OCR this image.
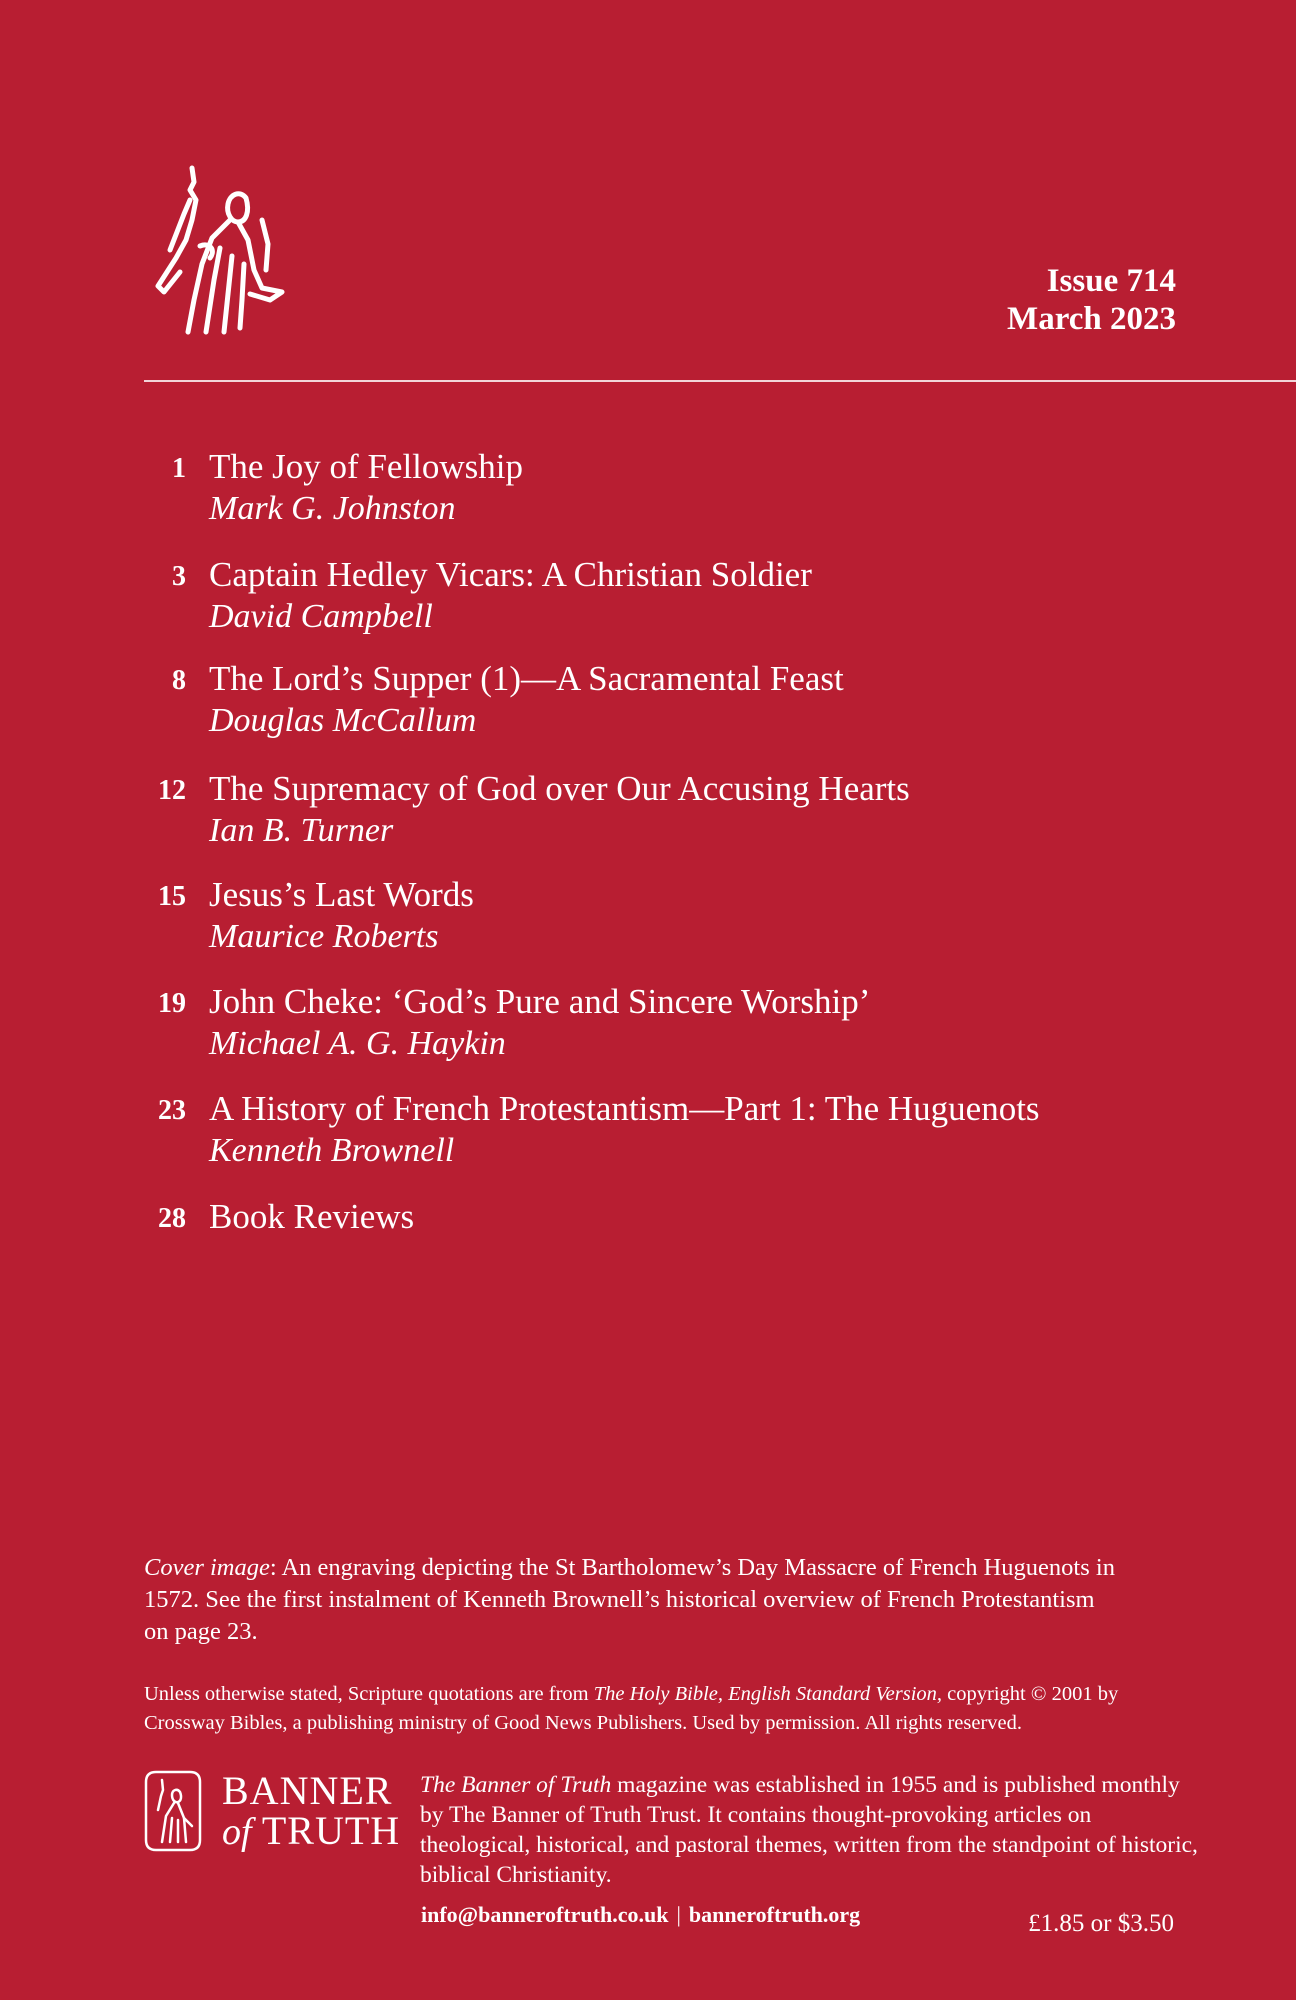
Issue 714
March 2023
1 The Joy of Fellowship
Mark G. Johnston
3 Captain Hedley Vicars: A Christian Soldier
David Campbell
8 The Lord’s Supper (1)—A Sacramental Feast
Douglas McCallum
12 The Supremacy of God over Our Accusing Hearts
Ian B. Turner
15 Jesus’s Last Words
Maurice Roberts
19 John Cheke: ‘God’s Pure and Sincere Worship’
Michael A. G. Haykin
23 A History of French Protestantism—Part 1: The Huguenots
Kenneth Brownell
28 Book Reviews
Cover image: An engraving depicting the St Bartholomew’s Day Massacre of French Huguenots in 1572. See the first instalment of Kenneth Brownell’s historical overview of French Protestantism on page 23.
Unless otherwise stated, Scripture quotations are from The Holy Bible, English Standard Version, copyright © 2001 by Crossway Bibles, a publishing ministry of Good News Publishers. Used by permission. All rights reserved.
BANNER
of TRUTH
The Banner of Truth magazine was established in 1955 and is published monthly by The Banner of Truth Trust. It contains thought-provoking articles on theological, historical, and pastoral themes, written from the standpoint of historic, biblical Christianity.
info@banneroftruth.co.uk | banneroftruth.org	£1.85 or $3.50
